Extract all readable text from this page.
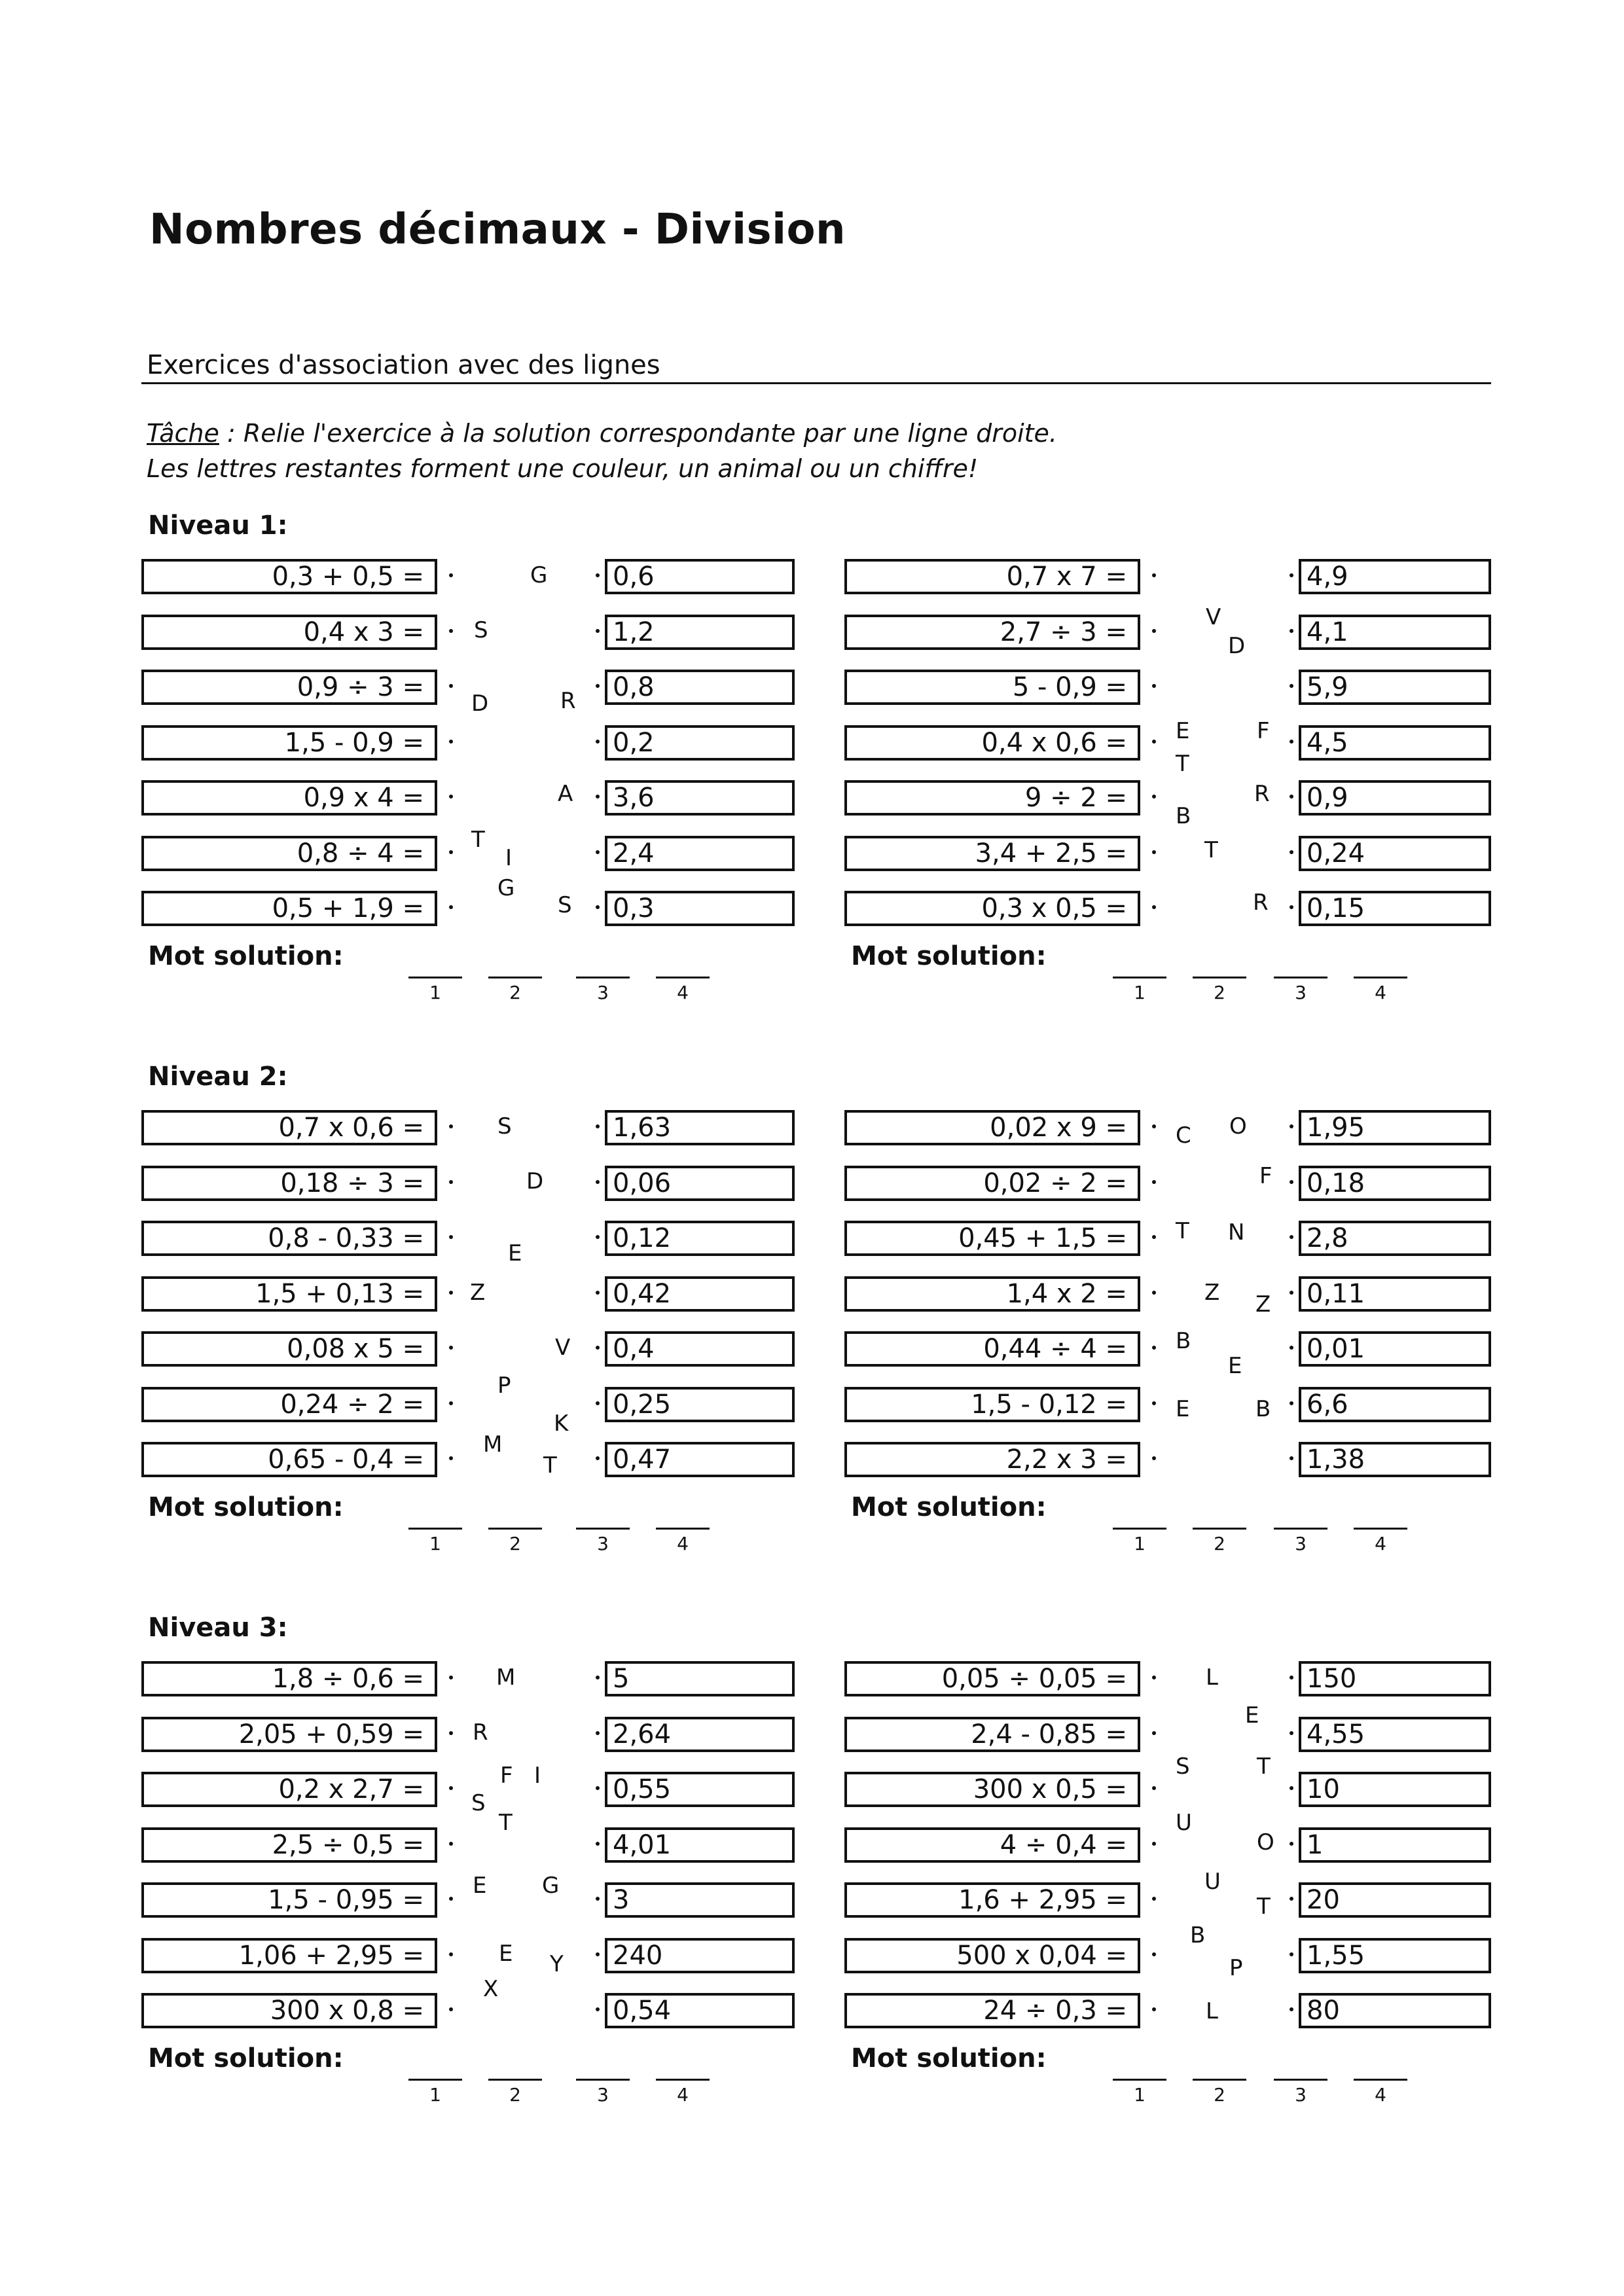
Nombres décimaux - Division
Exercices d'association avec des lignes
Tâche : Relie l'exercice à la solution correspondante par une ligne droite.
Les lettres restantes forment une couleur, un animal ou un chiffre!
Niveau 1:
0,3 + 0,5 =	0,6
0,4 x 3 =	1,2
0,9 ÷ 3 =	0,8
1,5 - 0,9 =	0,2
0,9 x 4 =	3,6
0,8 ÷ 4 =	2,4
0,5 + 1,9 =	0,3
G
S
D	R
A
T
I
G
S
Mot solution:
1	2	3	4
0,7 x 7 =	4,9
2,7 ÷ 3 =	4,1
5 - 0,9 =	5,9
0,4 x 0,6 =	4,5
9 ÷ 2 =	0,9
3,4 + 2,5 =	0,24
0,3 x 0,5 =	0,15
V
D
E	F
T
R
B
T
R
Mot solution:
1	2	3	4
Niveau 2:
0,7 x 0,6 =	1,63
0,18 ÷ 3 =	0,06
0,8 - 0,33 =	0,12
1,5 + 0,13 =	0,42
0,08 x 5 =	0,4
0,24 ÷ 2 =	0,25
0,65 - 0,4 =	0,47
S
D
E
Z
V
P
K
M
T
Mot solution:
1	2	3	4
0,02 x 9 =	1,95
0,02 ÷ 2 =	0,18
0,45 + 1,5 =	2,8
1,4 x 2 =	0,11
0,44 ÷ 4 =	0,01
1,5 - 0,12 =	6,6
2,2 x 3 =	1,38
C O
F
T N
Z Z
B
E
E	B
Mot solution:
1	2	3	4
Niveau 3:
1,8 ÷ 0,6 =	5
2,05 + 0,59 =	2,64
0,2 x 2,7 =	0,55
2,5 ÷ 0,5 =	4,01
1,5 - 0,95 =	3
1,06 + 2,95 =	240
300 x 0,8 =	0,54
M
R
F I
S
T
E G
E Y
X
Mot solution:
1	2	3	4
0,05 ÷ 0,05 =	150
2,4 - 0,85 =	4,55
300 x 0,5 =	10
4 ÷ 0,4 =	1
1,6 + 2,95 =	20
500 x 0,04 =	1,55
24 ÷ 0,3 =	80
L
E
S	T
U
O
U
T
B
P
L
Mot solution:
1	2	3	4
